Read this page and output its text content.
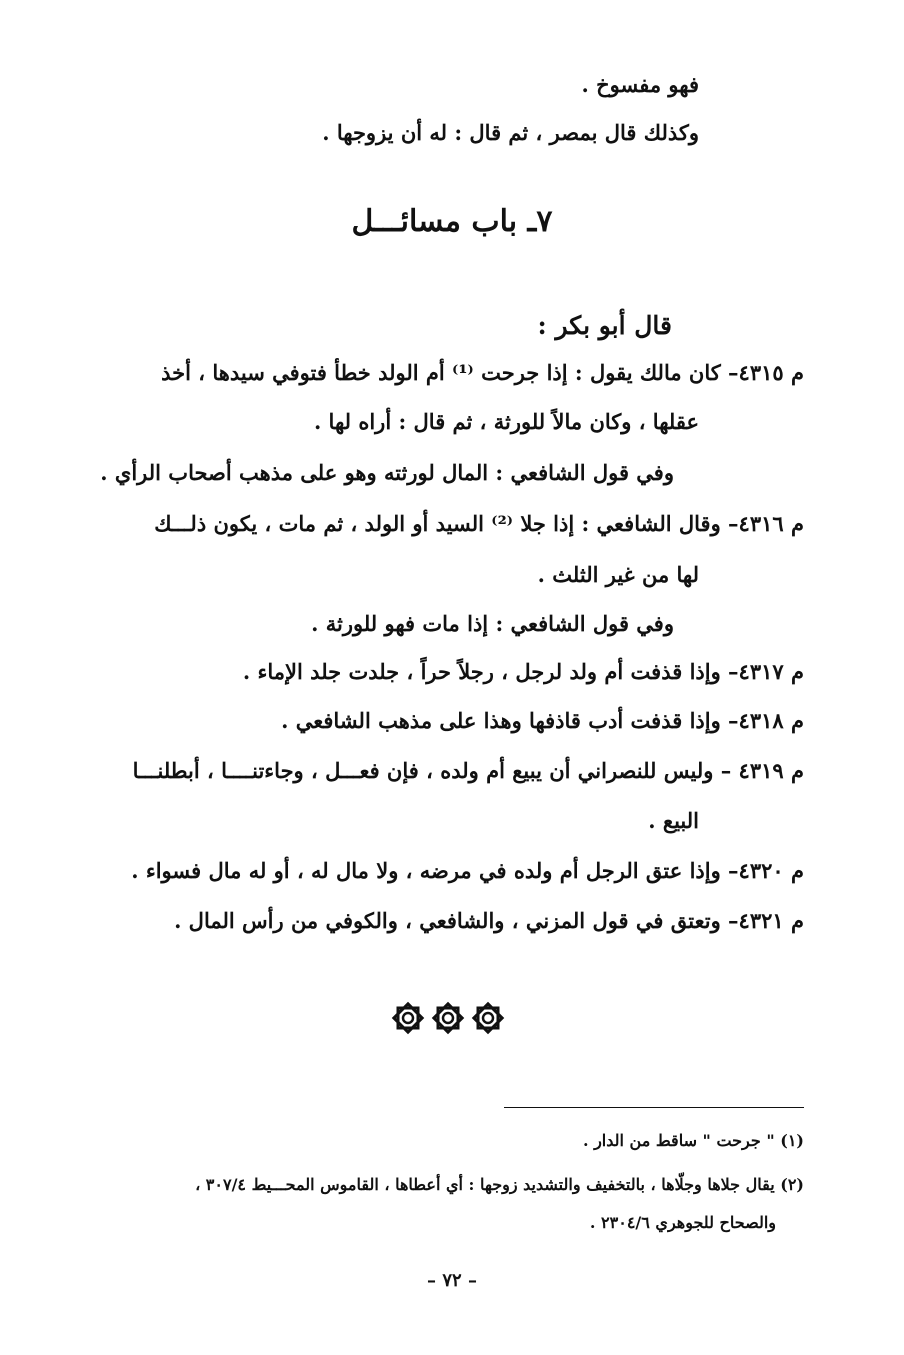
فهو مفسوخ .
وكذلك قال بمصر ، ثم قال : له أن يزوجها .
٧ـ باب مسائـــل
قال أبو بكر :
م ٤٣١٥– كان مالك يقول : إذا جرحت ⁽¹⁾ أم الولد خطأ فتوفي سيدها ، أخذ
عقلها ، وكان مالاً للورثة ، ثم قال : أراه لها .
وفي قول الشافعي : المال لورثته وهو على مذهب أصحاب الرأي .
م ٤٣١٦– وقال الشافعي : إذا جلا ⁽²⁾ السيد أو الولد ، ثم مات ، يكون ذلـــك
لها من غير الثلث .
وفي قول الشافعي : إذا مات فهو للورثة .
م ٤٣١٧– وإذا قذفت أم ولد لرجل ، رجلاً حراً ، جلدت جلد الإماء .
م ٤٣١٨– وإذا قذفت أدب قاذفها وهذا على مذهب الشافعي .
م ٤٣١٩ – وليس للنصراني أن يبيع أم ولده ، فإن فعـــل ، وجاءتنــــا ، أبطلنـــا
البيع .
م ٤٣٢٠– وإذا عتق الرجل أم ولده في مرضه ، ولا مال له ، أو له مال فسواء .
م ٤٣٢١– وتعتق في قول المزني ، والشافعي ، والكوفي من رأس المال .
(١) " جرحت " ساقط من الدار .
(٢) يقال جلاها وجلّاها ، بالتخفيف والتشديد زوجها : أي أعطاها ، القاموس المحـــيط ٣٠٧/٤ ،
والصحاح للجوهري ٢٣٠٤/٦ .
– ٧٢ –
